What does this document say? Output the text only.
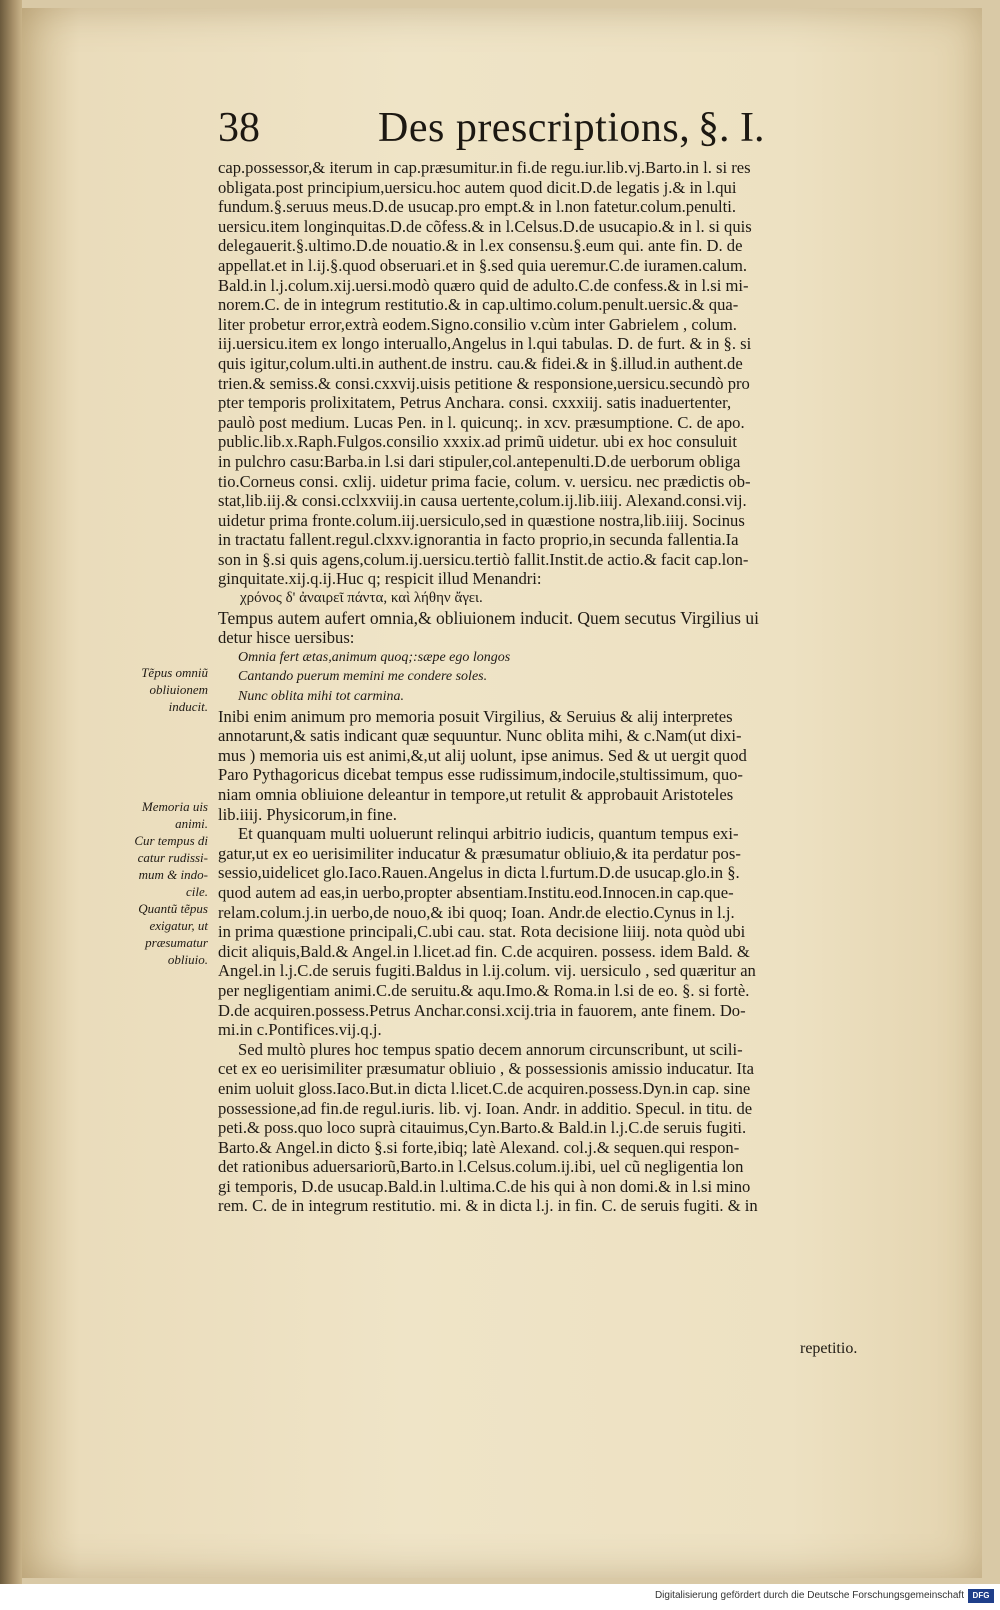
38	Des prescriptions, §. I.
Tẽpus omniũ
obliuionem
inducit.
Memoria uis
animi.
Cur tempus di
catur rudissi-
mum & indo-
cile.
Quantũ tẽpus
exigatur, ut
præsumatur
obliuio.
cap.possessor,& iterum in cap.præsumitur.in fi.de regu.iur.lib.vj.Barto.in l. si res
obligata.post principium,uersicu.hoc autem quod dicit.D.de legatis j.& in l.qui
fundum.§.seruus meus.D.de usucap.pro empt.& in l.non fatetur.colum.penulti.
uersicu.item longinquitas.D.de cõfess.& in l.Celsus.D.de usucapio.& in l. si quis
delegauerit.§.ultimo.D.de nouatio.& in l.ex consensu.§.eum qui. ante fin. D. de
appellat.et in l.ij.§.quod obseruari.et in §.sed quia ueremur.C.de iuramen.calum.
Bald.in l.j.colum.xij.uersi.modò quæro quid de adulto.C.de confess.& in l.si mi-
norem.C. de in integrum restitutio.& in cap.ultimo.colum.penult.uersic.& qua-
liter probetur error,extrà eodem.Signo.consilio v.cùm inter Gabrielem , colum.
iij.uersicu.item ex longo interuallo,Angelus in l.qui tabulas. D. de furt. & in §. si
quis igitur,colum.ulti.in authent.de instru. cau.& fidei.& in §.illud.in authent.de
trien.& semiss.& consi.cxxvij.uisis petitione & responsione,uersicu.secundò pro
pter temporis prolixitatem, Petrus Anchara. consi. cxxxiij. satis inaduertenter,
paulò post medium. Lucas Pen. in l. quicunq;. in xcv. præsumptione. C. de apo.
public.lib.x.Raph.Fulgos.consilio xxxix.ad primũ uidetur. ubi ex hoc consuluit
in pulchro casu:Barba.in l.si dari stipuler,col.antepenulti.D.de uerborum obliga
tio.Corneus consi. cxlij. uidetur prima facie, colum. v. uersicu. nec prædictis ob-
stat,lib.iij.& consi.cclxxviij.in causa uertente,colum.ij.lib.iiij. Alexand.consi.vij.
uidetur prima fronte.colum.iij.uersiculo,sed in quæstione nostra,lib.iiij. Socinus
in tractatu fallent.regul.clxxv.ignorantia in facto proprio,in secunda fallentia.Ia
son in §.si quis agens,colum.ij.uersicu.tertiò fallit.Instit.de actio.& facit cap.lon-
ginquitate.xij.q.ij.Huc q; respicit illud Menandri:
χρόνος δ' ἀναιρεῖ πάντα, καὶ λήθην ἄγει.
Tempus autem aufert omnia,& obliuionem inducit. Quem secutus Virgilius ui
detur hisce uersibus:
Omnia fert ætas,animum quoq;:sæpe ego longos
Cantando puerum memini me condere soles.
Nunc oblita mihi tot carmina.
Inibi enim animum pro memoria posuit Virgilius, & Seruius & alij interpretes
annotarunt,& satis indicant quæ sequuntur. Nunc oblita mihi, & c.Nam(ut dixi-
mus ) memoria uis est animi,&,ut alij uolunt, ipse animus. Sed & ut uergit quod
Paro Pythagoricus dicebat tempus esse rudissimum,indocile,stultissimum, quo-
niam omnia obliuione deleantur in tempore,ut retulit & approbauit Aristoteles
lib.iiij. Physicorum,in fine.
Et quanquam multi uoluerunt relinqui arbitrio iudicis, quantum tempus exi-
gatur,ut ex eo uerisimiliter inducatur & præsumatur obliuio,& ita perdatur pos-
sessio,uidelicet glo.Iaco.Rauen.Angelus in dicta l.furtum.D.de usucap.glo.in §.
quod autem ad eas,in uerbo,propter absentiam.Institu.eod.Innocen.in cap.que-
relam.colum.j.in uerbo,de nouo,& ibi quoq; Ioan. Andr.de electio.Cynus in l.j.
in prima quæstione principali,C.ubi cau. stat. Rota decisione liiij. nota quòd ubi
dicit aliquis,Bald.& Angel.in l.licet.ad fin. C.de acquiren. possess. idem Bald. &
Angel.in l.j.C.de seruis fugiti.Baldus in l.ij.colum. vij. uersiculo , sed quæritur an
per negligentiam animi.C.de seruitu.& aqu.Imo.& Roma.in l.si de eo. §. si fortè.
D.de acquiren.possess.Petrus Anchar.consi.xcij.tria in fauorem, ante finem. Do-
mi.in c.Pontifices.vij.q.j.
Sed multò plures hoc tempus spatio decem annorum circunscribunt, ut scili-
cet ex eo uerisimiliter præsumatur obliuio , & possessionis amissio inducatur. Ita
enim uoluit gloss.Iaco.But.in dicta l.licet.C.de acquiren.possess.Dyn.in cap. sine
possessione,ad fin.de regul.iuris. lib. vj. Ioan. Andr. in additio. Specul. in titu. de
peti.& poss.quo loco suprà citauimus,Cyn.Barto.& Bald.in l.j.C.de seruis fugiti.
Barto.& Angel.in dicto §.si forte,ibiq; latè Alexand. col.j.& sequen.qui respon-
det rationibus aduersariorũ,Barto.in l.Celsus.colum.ij.ibi, uel cũ negligentia lon
gi temporis, D.de usucap.Bald.in l.ultima.C.de his qui à non domi.& in l.si mino
rem. C. de in integrum restitutio. mi. & in dicta l.j. in fin. C. de seruis fugiti. & in
repetitio.
Digitalisierung gefördert durch die Deutsche Forschungsgemeinschaft	DFG
